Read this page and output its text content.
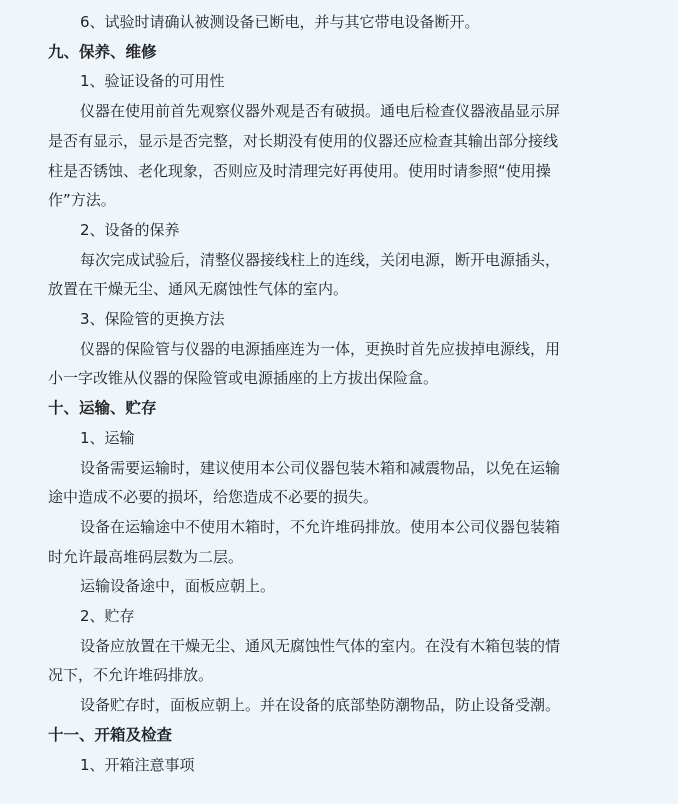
6、试验时请确认被测设备已断电，并与其它带电设备断开。
九、保养、维修
1、验证设备的可用性
仪器在使用前首先观察仪器外观是否有破损。通电后检查仪器液晶显示屏
是否有显示，显示是否完整，对长期没有使用的仪器还应检查其输出部分接线
柱是否锈蚀、老化现象，否则应及时清理完好再使用。使用时请参照“使用操
作”方法。
2、设备的保养
每次完成试验后，清整仪器接线柱上的连线，关闭电源，断开电源插头，
放置在干燥无尘、通风无腐蚀性气体的室内。
3、保险管的更换方法
仪器的保险管与仪器的电源插座连为一体，更换时首先应拔掉电源线，用
小一字改锥从仪器的保险管或电源插座的上方拔出保险盒。
十、运输、贮存
1、运输
设备需要运输时，建议使用本公司仪器包装木箱和减震物品，以免在运输
途中造成不必要的损坏，给您造成不必要的损失。
设备在运输途中不使用木箱时，不允许堆码排放。使用本公司仪器包装箱
时允许最高堆码层数为二层。
运输设备途中，面板应朝上。
2、贮存
设备应放置在干燥无尘、通风无腐蚀性气体的室内。在没有木箱包装的情
况下，不允许堆码排放。
设备贮存时，面板应朝上。并在设备的底部垫防潮物品，防止设备受潮。
十一、开箱及检查
1、开箱注意事项
